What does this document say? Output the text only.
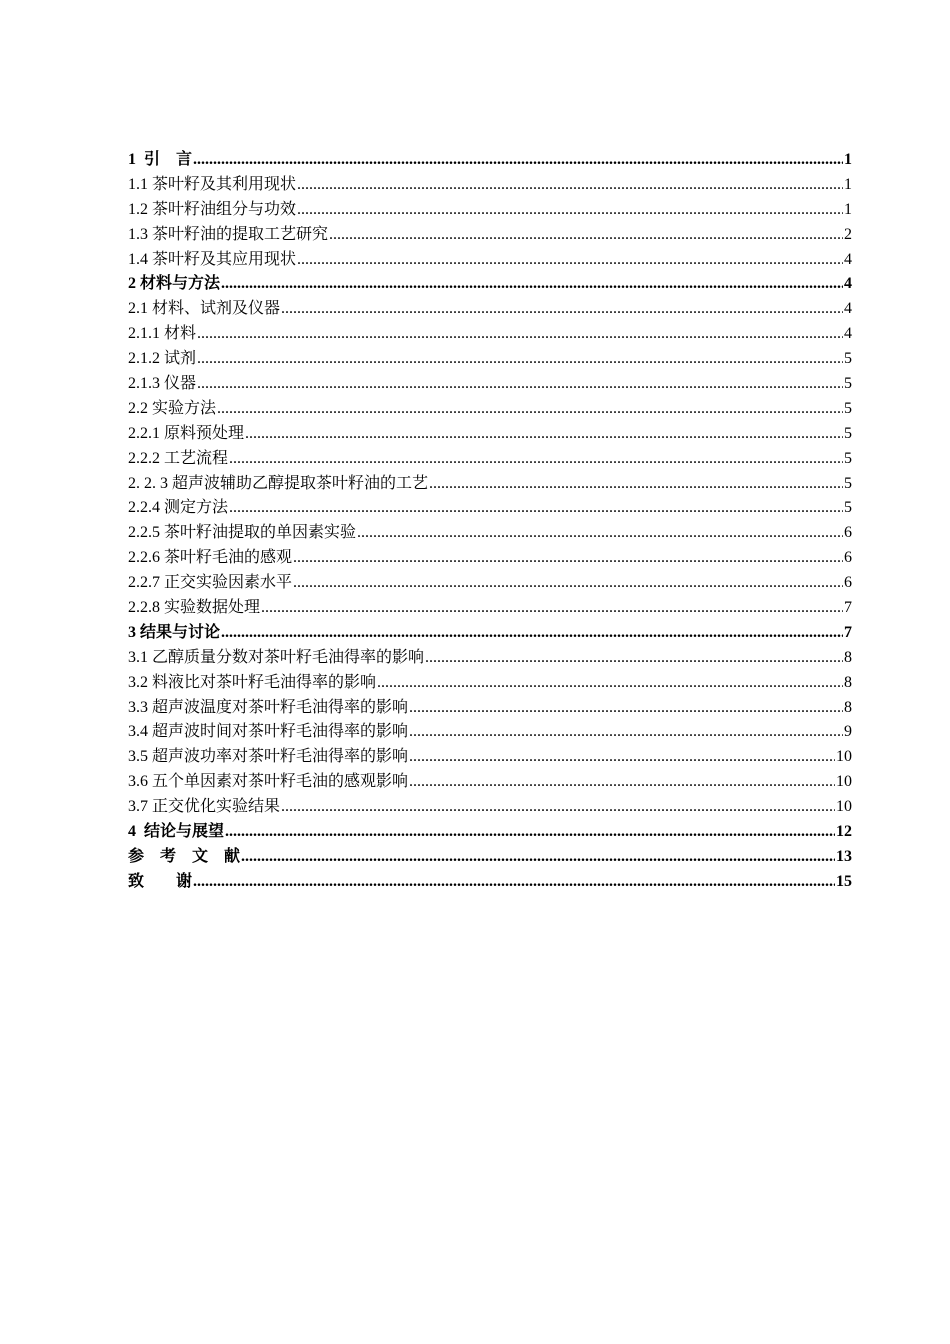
1  引    言 .....	1
1.1 茶叶籽及其利用现状 .....	1
1.2 茶叶籽油组分与功效 .....	1
1.3 茶叶籽油的提取工艺研究 .....	2
1.4 茶叶籽及其应用现状 .....	4
2 材料与方法 .....	4
2.1 材料、试剂及仪器 .....	4
2.1.1 材料 .....	4
2.1.2 试剂 .....	5
2.1.3 仪器 .....	5
2.2 实验方法 .....	5
2.2.1 原料预处理 .....	5
2.2.2 工艺流程 .....	5
2. 2. 3 超声波辅助乙醇提取茶叶籽油的工艺 .....	5
2.2.4 测定方法 .....	5
2.2.5 茶叶籽油提取的单因素实验 .....	6
2.2.6 茶叶籽毛油的感观 .....	6
2.2.7 正交实验因素水平 .....	6
2.2.8 实验数据处理 .....	7
3 结果与讨论 .....	7
3.1 乙醇质量分数对茶叶籽毛油得率的影响 .....	8
3.2 料液比对茶叶籽毛油得率的影响 .....	8
3.3 超声波温度对茶叶籽毛油得率的影响 .....	8
3.4 超声波时间对茶叶籽毛油得率的影响 .....	9
3.5 超声波功率对茶叶籽毛油得率的影响 .....	10
3.6 五个单因素对茶叶籽毛油的感观影响 .....	10
3.7 正交优化实验结果 .....	10
4  结论与展望 .....	12
参    考    文    献 .....	13
致        谢 .....	15
